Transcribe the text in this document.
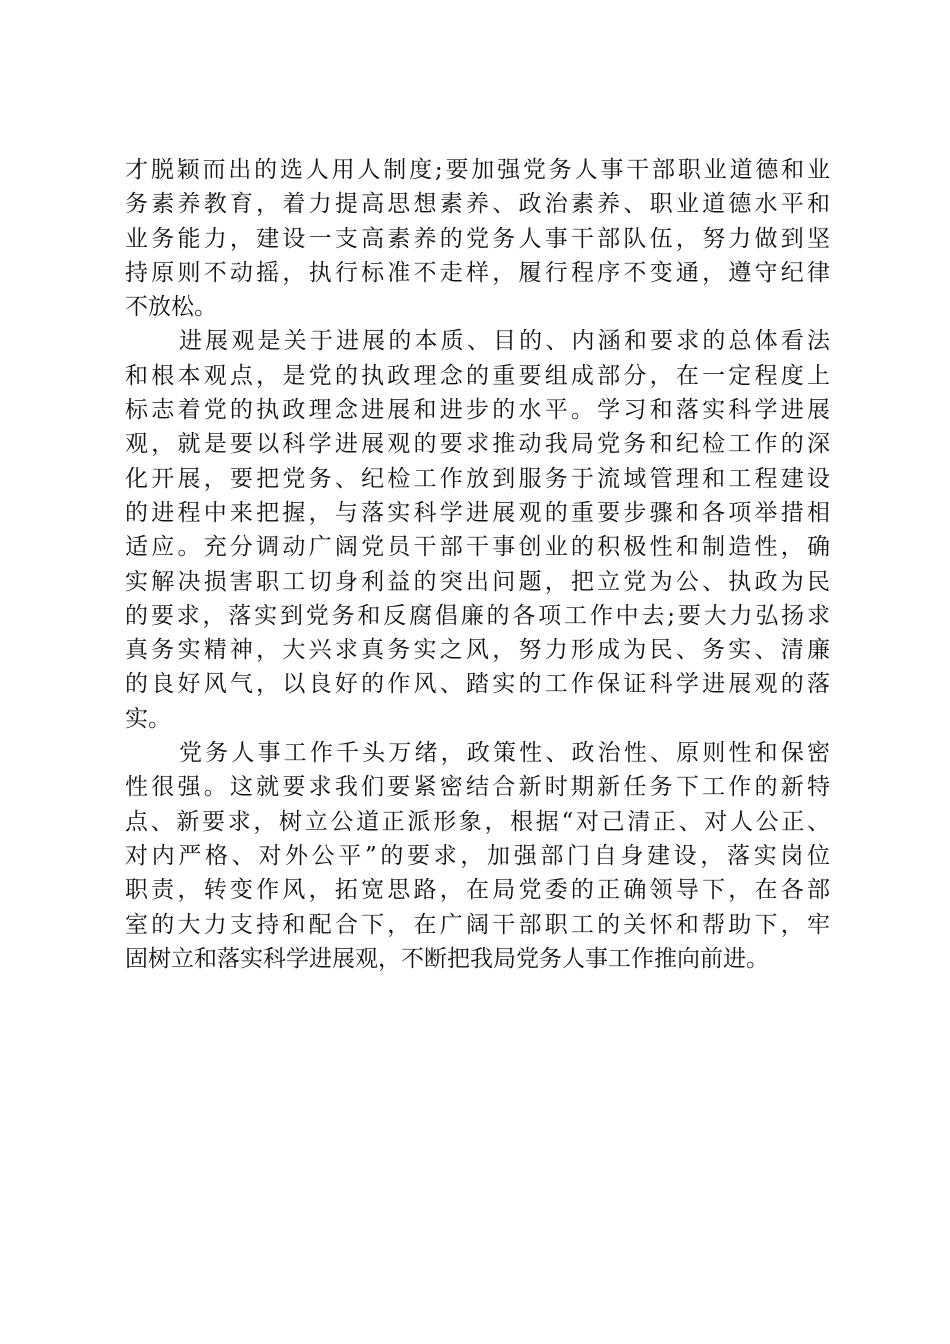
才脱颖而出的选人用人制度;要加强党务人事干部职业道德和业
务素养教育，着力提高思想素养、政治素养、职业道德水平和
业务能力，建设一支高素养的党务人事干部队伍，努力做到坚
持原则不动摇，执行标准不走样，履行程序不变通，遵守纪律
不放松。
进展观是关于进展的本质、目的、内涵和要求的总体看法
和根本观点，是党的执政理念的重要组成部分，在一定程度上
标志着党的执政理念进展和进步的水平。学习和落实科学进展
观，就是要以科学进展观的要求推动我局党务和纪检工作的深
化开展，要把党务、纪检工作放到服务于流域管理和工程建设
的进程中来把握，与落实科学进展观的重要步骤和各项举措相
适应。充分调动广阔党员干部干事创业的积极性和制造性，确
实解决损害职工切身利益的突出问题，把立党为公、执政为民
的要求，落实到党务和反腐倡廉的各项工作中去;要大力弘扬求
真务实精神，大兴求真务实之风，努力形成为民、务实、清廉
的良好风气，以良好的作风、踏实的工作保证科学进展观的落
实。
党务人事工作千头万绪，政策性、政治性、原则性和保密
性很强。这就要求我们要紧密结合新时期新任务下工作的新特
点、新要求，树立公道正派形象，根据“对己清正、对人公正、
对内严格、对外公平”的要求，加强部门自身建设，落实岗位
职责，转变作风，拓宽思路，在局党委的正确领导下，在各部
室的大力支持和配合下，在广阔干部职工的关怀和帮助下，牢
固树立和落实科学进展观，不断把我局党务人事工作推向前进。
